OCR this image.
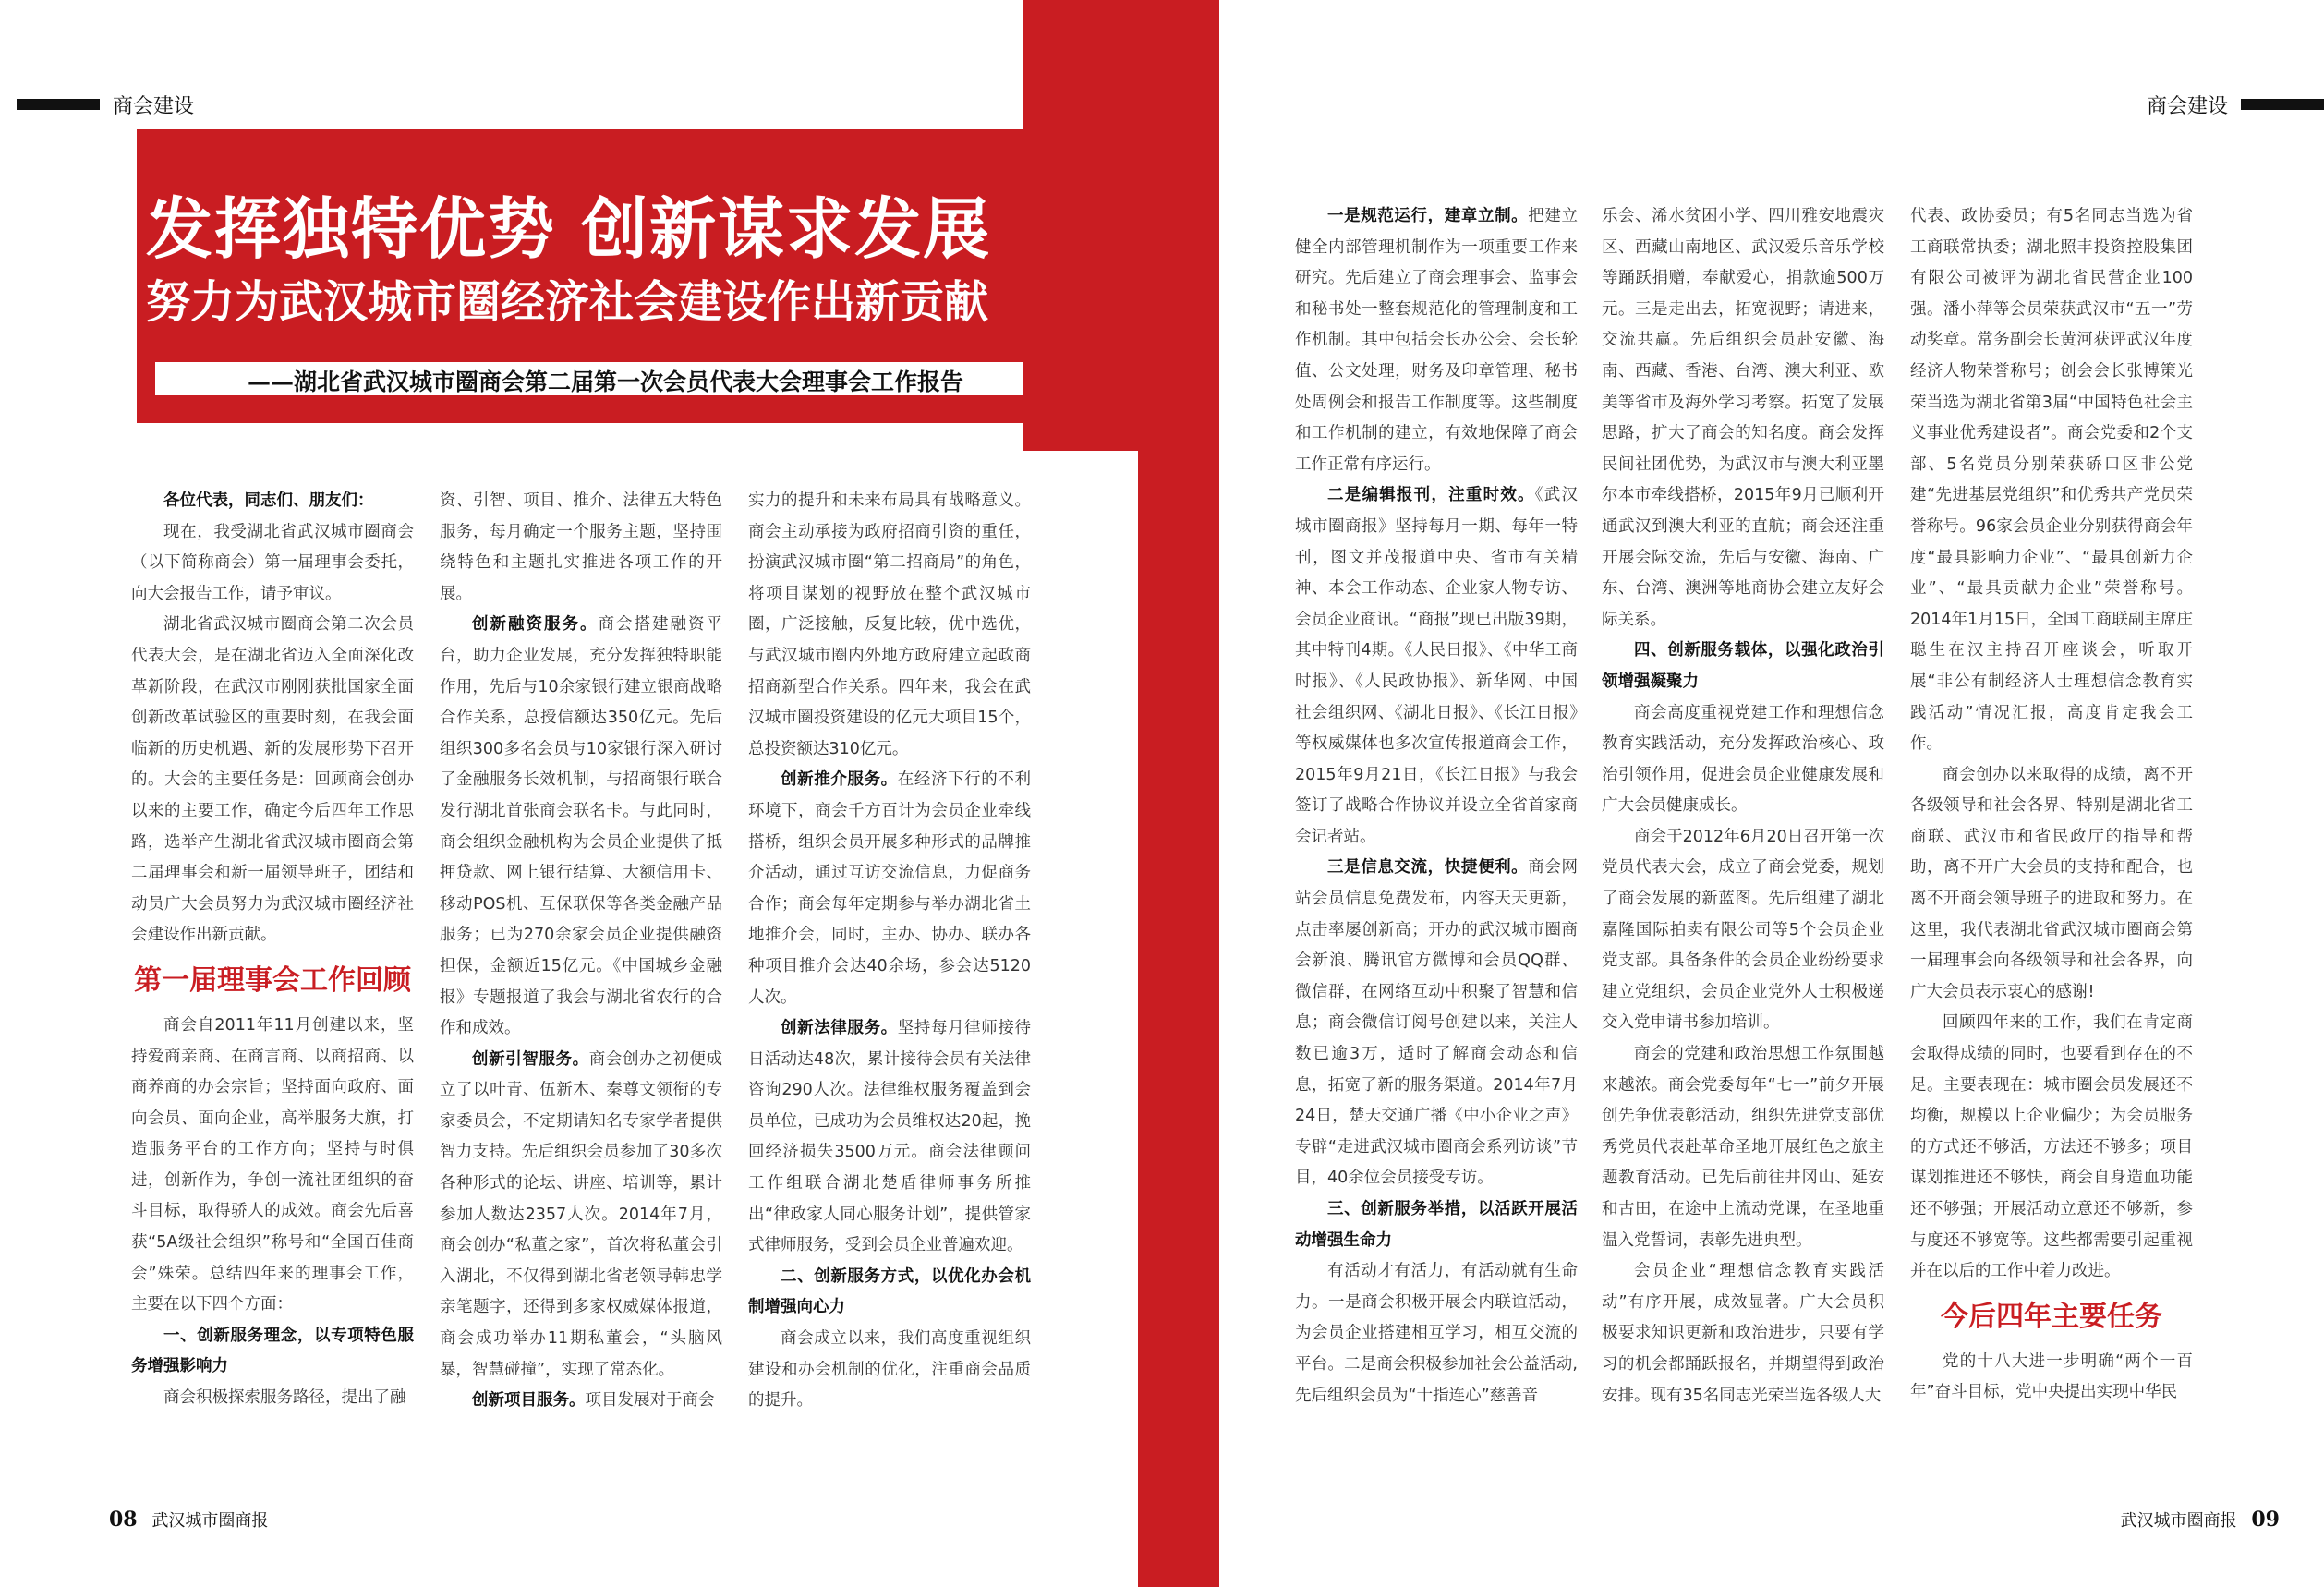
商会建设
发挥独特优势 创新谋求发展
努力为武汉城市圈经济社会建设作出新贡献
——湖北省武汉城市圈商会第二届第一次会员代表大会理事会工作报告

各位代表，同志们、朋友们：

现在，我受湖北省武汉城市圈商会（以下简称商会）第一届理事会委托，向大会报告工作，请予审议。

湖北省武汉城市圈商会第二次会员代表大会，是在湖北省迈入全面深化改革新阶段，在武汉市刚刚获批国家全面创新改革试验区的重要时刻，在我会面临新的历史机遇、新的发展形势下召开的。大会的主要任务是：回顾商会创办以来的主要工作，确定今后四年工作思路，选举产生湖北省武汉城市圈商会第二届理事会和新一届领导班子，团结和动员广大会员努力为武汉城市圈经济社会建设作出新贡献。

第一届理事会工作回顾

商会自2011年11月创建以来，坚持爱商亲商、在商言商、以商招商、以商养商的办会宗旨；坚持面向政府、面向会员、面向企业，高举服务大旗，打造服务平台的工作方向；坚持与时俱进，创新作为，争创一流社团组织的奋斗目标，取得骄人的成效。商会先后喜获“5A级社会组织”称号和“全国百佳商会”殊荣。总结四年来的理事会工作，主要在以下四个方面：

一、创新服务理念，以专项特色服务增强影响力

商会积极探索服务路径，提出了融

资、引智、项目、推介、法律五大特色服务，每月确定一个服务主题，坚持围绕特色和主题扎实推进各项工作的开展。

创新融资服务。商会搭建融资平台，助力企业发展，充分发挥独特职能作用，先后与10余家银行建立银商战略合作关系，总授信额达350亿元。先后组织300多名会员与10家银行深入研讨了金融服务长效机制，与招商银行联合发行湖北首张商会联名卡。与此同时，商会组织金融机构为会员企业提供了抵押贷款、网上银行结算、大额信用卡、移动POS机、互保联保等各类金融产品服务；已为270余家会员企业提供融资担保，金额近15亿元。《中国城乡金融报》专题报道了我会与湖北省农行的合作和成效。

创新引智服务。商会创办之初便成立了以叶青、伍新木、秦尊文领衔的专家委员会，不定期请知名专家学者提供智力支持。先后组织会员参加了30多次各种形式的论坛、讲座、培训等，累计参加人数达2357人次。2014年7月，商会创办“私董之家”，首次将私董会引入湖北，不仅得到湖北省老领导韩忠学亲笔题字，还得到多家权威媒体报道，商会成功举办11期私董会，“头脑风暴，智慧碰撞”，实现了常态化。

创新项目服务。项目发展对于商会

实力的提升和未来布局具有战略意义。商会主动承接为政府招商引资的重任，扮演武汉城市圈“第二招商局”的角色，将项目谋划的视野放在整个武汉城市圈，广泛接触，反复比较，优中选优，与武汉城市圈内外地方政府建立起政商招商新型合作关系。四年来，我会在武汉城市圈投资建设的亿元大项目15个，总投资额达310亿元。

创新推介服务。在经济下行的不利环境下，商会千方百计为会员企业牵线搭桥，组织会员开展多种形式的品牌推介活动，通过互访交流信息，力促商务合作；商会每年定期参与举办湖北省土地推介会，同时，主办、协办、联办各种项目推介会达40余场，参会达5120人次。

创新法律服务。坚持每月律师接待日活动达48次，累计接待会员有关法律咨询290人次。法律维权服务覆盖到会员单位，已成功为会员维权达20起，挽回经济损失3500万元。商会法律顾问工作组联合湖北楚盾律师事务所推出“律政家人同心服务计划”，提供管家式律师服务，受到会员企业普遍欢迎。

二、创新服务方式，以优化办会机制增强向心力

商会成立以来，我们高度重视组织建设和办会机制的优化，注重商会品质的提升。

08 武汉城市圈商报
商会建设

一是规范运行，建章立制。把建立健全内部管理机制作为一项重要工作来研究。先后建立了商会理事会、监事会和秘书处一整套规范化的管理制度和工作机制。其中包括会长办公会、会长轮值、公文处理，财务及印章管理、秘书处周例会和报告工作制度等。这些制度和工作机制的建立，有效地保障了商会工作正常有序运行。

二是编辑报刊，注重时效。《武汉城市圈商报》坚持每月一期、每年一特刊，图文并茂报道中央、省市有关精神、本会工作动态、企业家人物专访、会员企业商讯。“商报”现已出版39期，其中特刊4期。《人民日报》、《中华工商时报》、《人民政协报》、新华网、中国社会组织网、《湖北日报》、《长江日报》等权威媒体也多次宣传报道商会工作，2015年9月21日，《长江日报》与我会签订了战略合作协议并设立全省首家商会记者站。

三是信息交流，快捷便利。商会网站会员信息免费发布，内容天天更新，点击率屡创新高；开办的武汉城市圈商会新浪、腾讯官方微博和会员QQ群、微信群，在网络互动中积聚了智慧和信息；商会微信订阅号创建以来，关注人数已逾3万，适时了解商会动态和信息，拓宽了新的服务渠道。2014年7月24日，楚天交通广播《中小企业之声》专辟“走进武汉城市圈商会系列访谈”节目，40余位会员接受专访。

三、创新服务举措，以活跃开展活动增强生命力

有活动才有活力，有活动就有生命力。一是商会积极开展会内联谊活动，为会员企业搭建相互学习，相互交流的平台。二是商会积极参加社会公益活动,先后组织会员为“十指连心”慈善音

乐会、浠水贫困小学、四川雅安地震灾区、西藏山南地区、武汉爱乐音乐学校等踊跃捐赠，奉献爱心，捐款逾500万元。三是走出去，拓宽视野；请进来，交流共赢。先后组织会员赴安徽、海南、西藏、香港、台湾、澳大利亚、欧美等省市及海外学习考察。拓宽了发展思路，扩大了商会的知名度。商会发挥民间社团优势，为武汉市与澳大利亚墨尔本市牵线搭桥，2015年9月已顺利开通武汉到澳大利亚的直航；商会还注重开展会际交流，先后与安徽、海南、广东、台湾、澳洲等地商协会建立友好会际关系。

四、创新服务载体，以强化政治引领增强凝聚力

商会高度重视党建工作和理想信念教育实践活动，充分发挥政治核心、政治引领作用，促进会员企业健康发展和广大会员健康成长。

商会于2012年6月20日召开第一次党员代表大会，成立了商会党委，规划了商会发展的新蓝图。先后组建了湖北嘉隆国际拍卖有限公司等5个会员企业党支部。具备条件的会员企业纷纷要求建立党组织，会员企业党外人士积极递交入党申请书参加培训。

商会的党建和政治思想工作氛围越来越浓。商会党委每年“七一”前夕开展创先争优表彰活动，组织先进党支部优秀党员代表赴革命圣地开展红色之旅主题教育活动。已先后前往井冈山、延安和古田，在途中上流动党课，在圣地重温入党誓词，表彰先进典型。

会员企业“理想信念教育实践活动”有序开展，成效显著。广大会员积极要求知识更新和政治进步，只要有学习的机会都踊跃报名，并期望得到政治安排。现有35名同志光荣当选各级人大

代表、政协委员；有5名同志当选为省工商联常执委；湖北照丰投资控股集团有限公司被评为湖北省民营企业100强。潘小萍等会员荣获武汉市“五一”劳动奖章。常务副会长黄河获评武汉年度经济人物荣誉称号；创会会长张博策光荣当选为湖北省第3届“中国特色社会主义事业优秀建设者”。商会党委和2个支部、5名党员分别荣获硚口区非公党建“先进基层党组织”和优秀共产党员荣誉称号。96家会员企业分别获得商会年度“最具影响力企业”、“最具创新力企业”、“最具贡献力企业”荣誉称号。2014年1月15日，全国工商联副主席庄聪生在汉主持召开座谈会，听取开展“非公有制经济人士理想信念教育实践活动”情况汇报，高度肯定我会工作。

商会创办以来取得的成绩，离不开各级领导和社会各界、特别是湖北省工商联、武汉市和省民政厅的指导和帮助，离不开广大会员的支持和配合，也离不开商会领导班子的进取和努力。在这里，我代表湖北省武汉城市圈商会第一届理事会向各级领导和社会各界，向广大会员表示衷心的感谢!

回顾四年来的工作，我们在肯定商会取得成绩的同时，也要看到存在的不足。主要表现在：城市圈会员发展还不均衡，规模以上企业偏少；为会员服务的方式还不够活，方法还不够多；项目谋划推进还不够快，商会自身造血功能还不够强；开展活动立意还不够新，参与度还不够宽等。这些都需要引起重视并在以后的工作中着力改进。

今后四年主要任务

党的十八大进一步明确“两个一百年”奋斗目标，党中央提出实现中华民

武汉城市圈商报 09
